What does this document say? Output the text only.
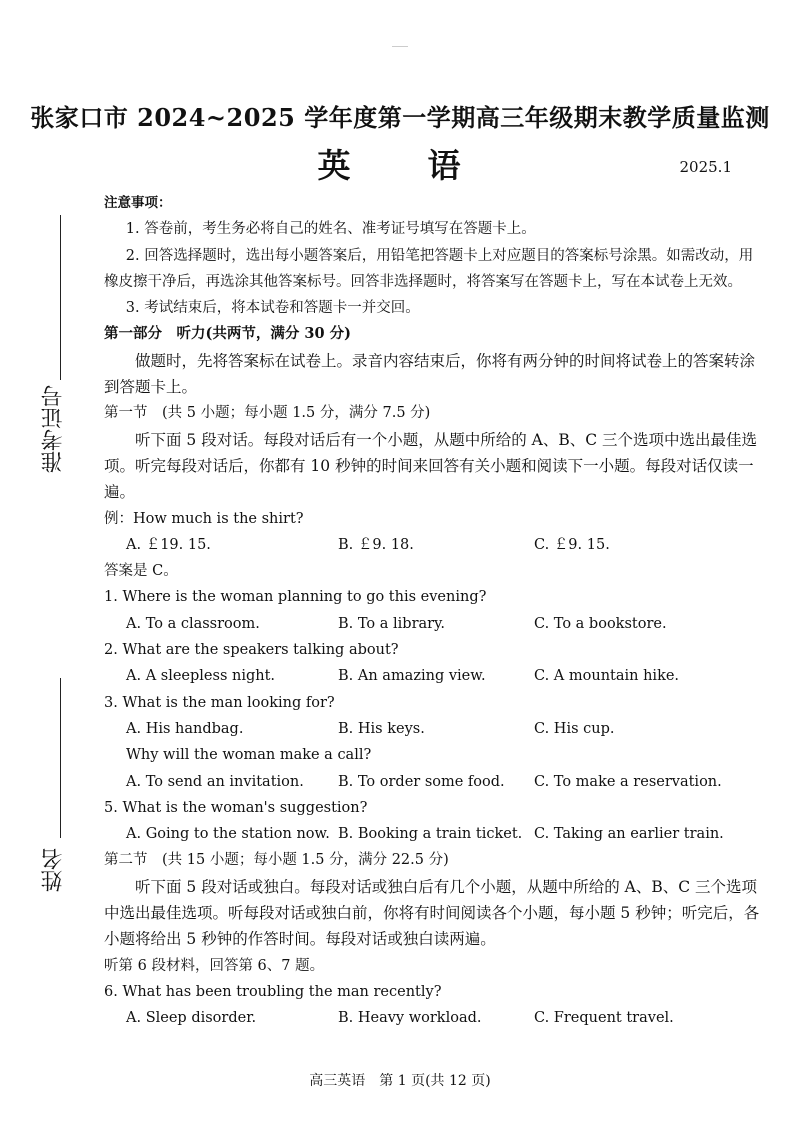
张家口市 2024~2025 学年度第一学期高三年级期末教学质量监测
英　语	2025.1
准考证号
姓名

注意事项：

1. 答卷前，考生务必将自己的姓名、准考证号填写在答题卡上。

2. 回答选择题时，选出每小题答案后，用铅笔把答题卡上对应题目的答案标号涂黑。如需改动，用橡皮擦干净后，再选涂其他答案标号。回答非选择题时，将答案写在答题卡上，写在本试卷上无效。

3. 考试结束后，将本试卷和答题卡一并交回。

第一部分　听力(共两节，满分 30 分)

做题时，先将答案标在试卷上。录音内容结束后，你将有两分钟的时间将试卷上的答案转涂到答题卡上。

第一节　(共 5 小题；每小题 1.5 分，满分 7.5 分)

听下面 5 段对话。每段对话后有一个小题，从题中所给的 A、B、C 三个选项中选出最佳选项。听完每段对话后，你都有 10 秒钟的时间来回答有关小题和阅读下一小题。每段对话仅读一遍。

例：How much is the shirt?

A. ￡19. 15.	B. ￡9. 18.	C. ￡9. 15.

答案是 C。

1. Where is the woman planning to go this evening?

A. To a classroom.	B. To a library.	C. To a bookstore.

2. What are the speakers talking about?

A. A sleepless night.	B. An amazing view.	C. A mountain hike.

3. What is the man looking for?

A. His handbag.	B. His keys.	C. His cup.

Why will the woman make a call?

A. To send an invitation.	B. To order some food.	C. To make a reservation.

5. What is the woman's suggestion?

A. Going to the station now. B. Booking a train ticket. C. Taking an earlier train.

第二节　(共 15 小题；每小题 1.5 分，满分 22.5 分)

听下面 5 段对话或独白。每段对话或独白后有几个小题，从题中所给的 A、B、C 三个选项中选出最佳选项。听每段对话或独白前，你将有时间阅读各个小题，每小题 5 秒钟；听完后，各小题将给出 5 秒钟的作答时间。每段对话或独白读两遍。

听第 6 段材料，回答第 6、7 题。

6. What has been troubling the man recently?

A. Sleep disorder.	B. Heavy workload.	C. Frequent travel.
高三英语　第 1 页(共 12 页)
